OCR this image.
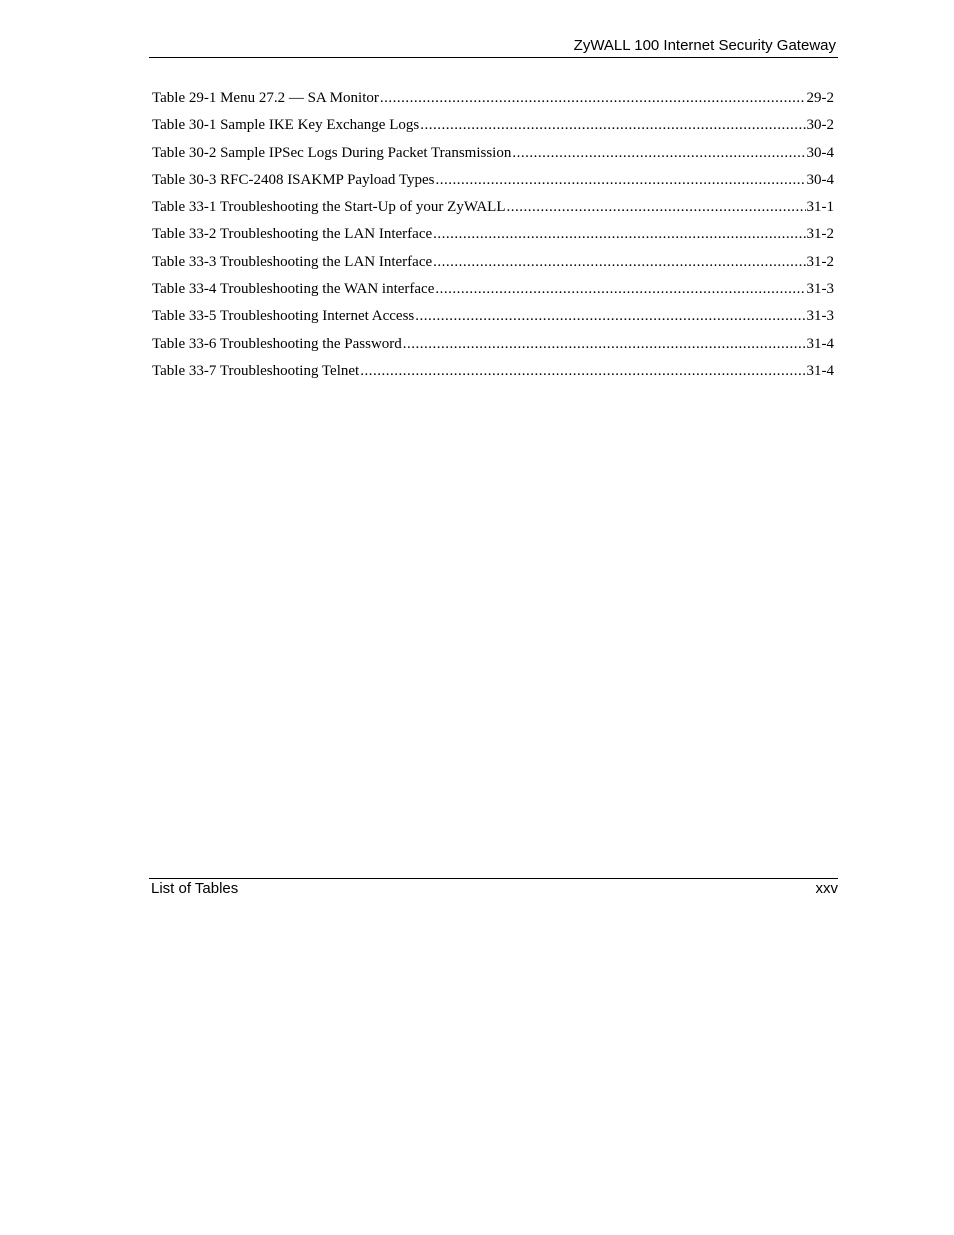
ZyWALL 100 Internet Security Gateway
Table 29-1 Menu 27.2 — SA Monitor .....	29-2
Table 30-1 Sample IKE Key Exchange Logs .....	30-2
Table 30-2 Sample IPSec Logs During Packet Transmission .....	30-4
Table 30-3 RFC-2408 ISAKMP Payload Types .....	30-4
Table 33-1 Troubleshooting the Start-Up of your ZyWALL .....	31-1
Table 33-2 Troubleshooting the LAN Interface .....	31-2
Table 33-3 Troubleshooting the LAN Interface .....	31-2
Table 33-4 Troubleshooting the WAN interface .....	31-3
Table 33-5 Troubleshooting Internet Access .....	31-3
Table 33-6 Troubleshooting the Password .....	31-4
Table 33-7 Troubleshooting Telnet .....	31-4
List of Tables	xxv
